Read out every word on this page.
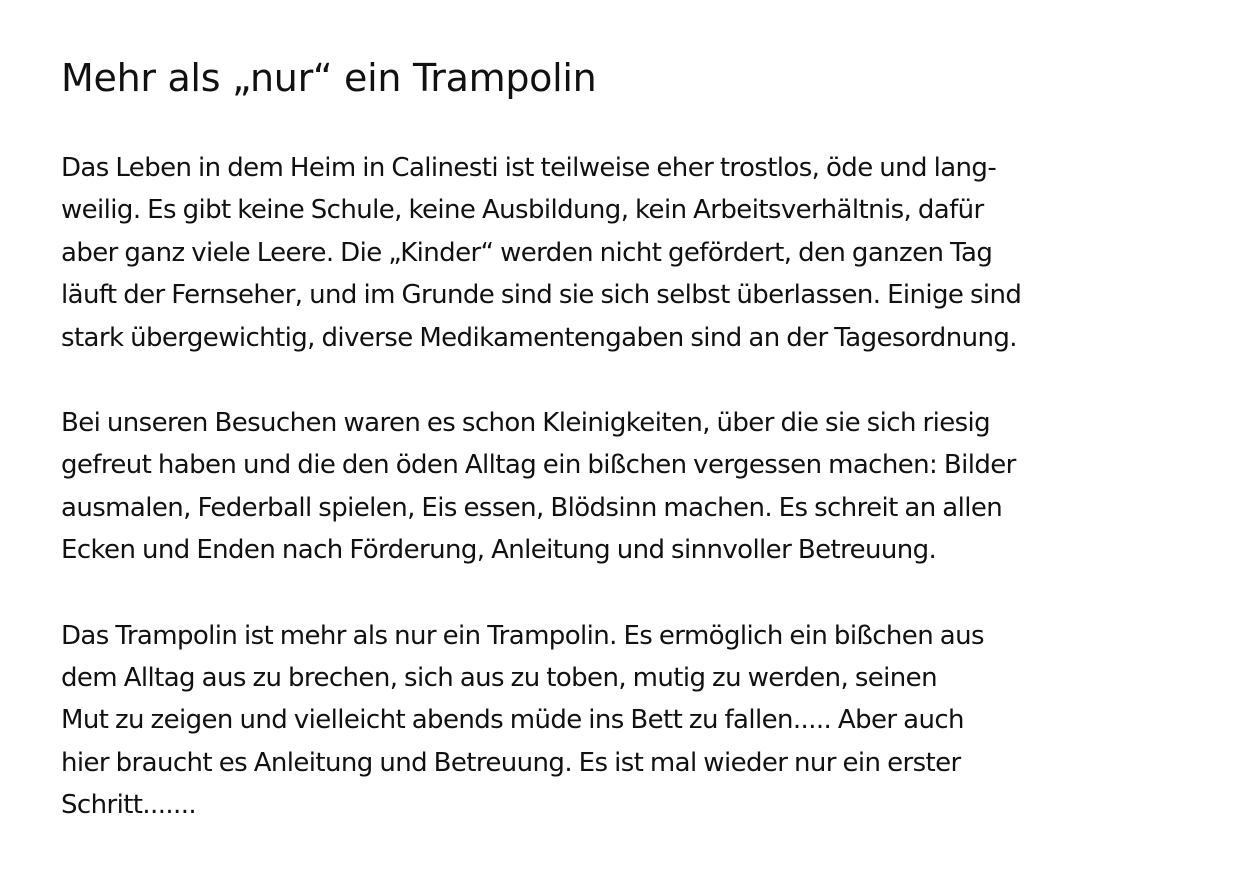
Mehr als „nur“ ein Trampolin
Das Leben in dem Heim in Calinesti ist teilweise eher trostlos, öde und lang-
weilig. Es gibt keine Schule, keine Ausbildung, kein Arbeitsverhältnis, dafür
aber ganz viele Leere. Die „Kinder“ werden nicht gefördert, den ganzen Tag
läuft der Fernseher, und im Grunde sind sie sich selbst überlassen. Einige sind
stark übergewichtig, diverse Medikamentengaben sind an der Tagesordnung.
Bei unseren Besuchen waren es schon Kleinigkeiten, über die sie sich riesig
gefreut haben und die den öden Alltag ein bißchen vergessen machen: Bilder
ausmalen, Federball spielen, Eis essen, Blödsinn machen. Es schreit an allen
Ecken und Enden nach Förderung, Anleitung und sinnvoller Betreuung.
Das Trampolin ist mehr als nur ein Trampolin. Es ermöglich ein bißchen aus
dem Alltag aus zu brechen, sich aus zu toben, mutig zu werden, seinen
Mut zu zeigen und vielleicht abends müde ins Bett zu fallen..... Aber auch
hier braucht es Anleitung und Betreuung. Es ist mal wieder nur ein erster
Schritt.......
